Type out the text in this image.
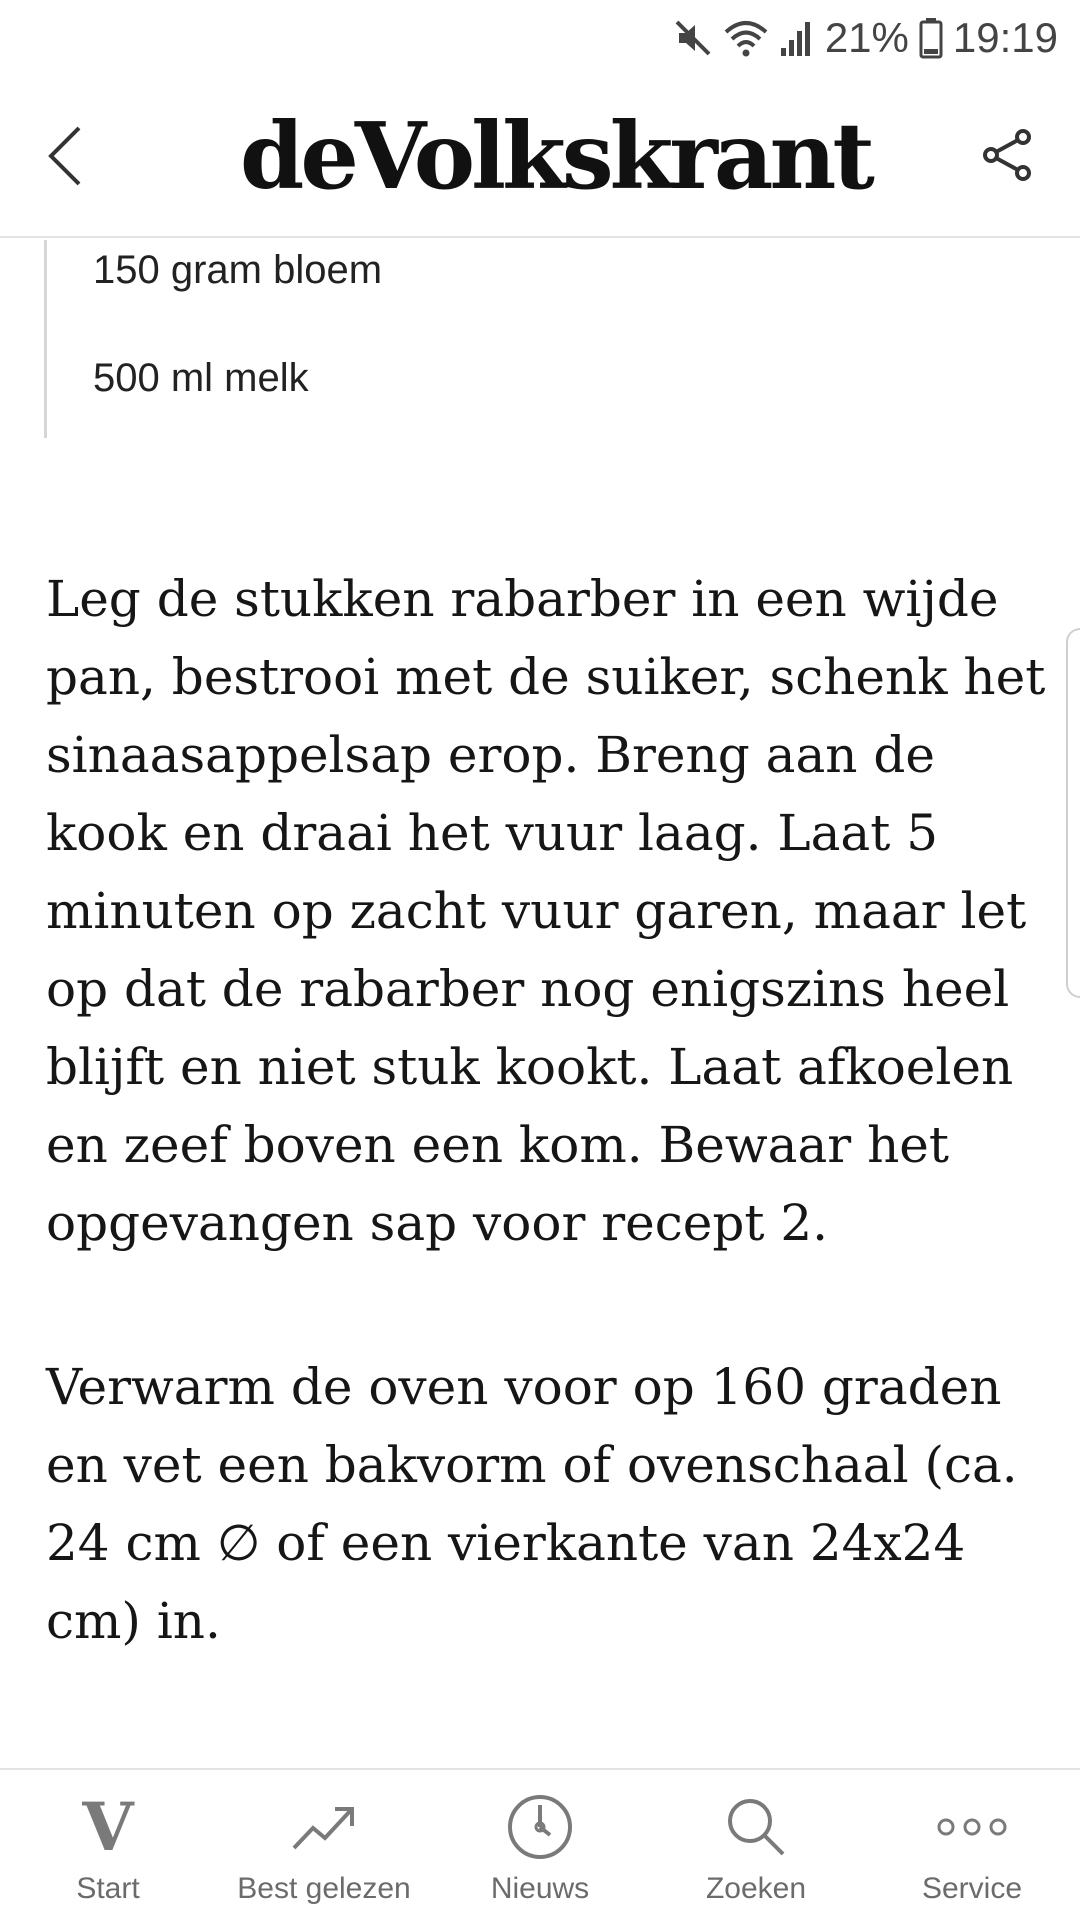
21% 19:19
deVolkskrant
150 gram bloem
500 ml melk

Leg de stukken rabarber in een wijde pan, bestrooi met de suiker, schenk het sinaasappelsap erop. Breng aan de kook en draai het vuur laag. Laat 5 minuten op zacht vuur garen, maar let op dat de rabarber nog enigszins heel blijft en niet stuk kookt. Laat afkoelen en zeef boven een kom. Bewaar het opgevangen sap voor recept 2.

Verwarm de oven voor op 160 graden en vet een bakvorm of ovenschaal (ca. 24 cm ∅ of een vierkante van 24x24 cm) in.

V
Start	Best gelezen	Nieuws	Zoeken	Service
